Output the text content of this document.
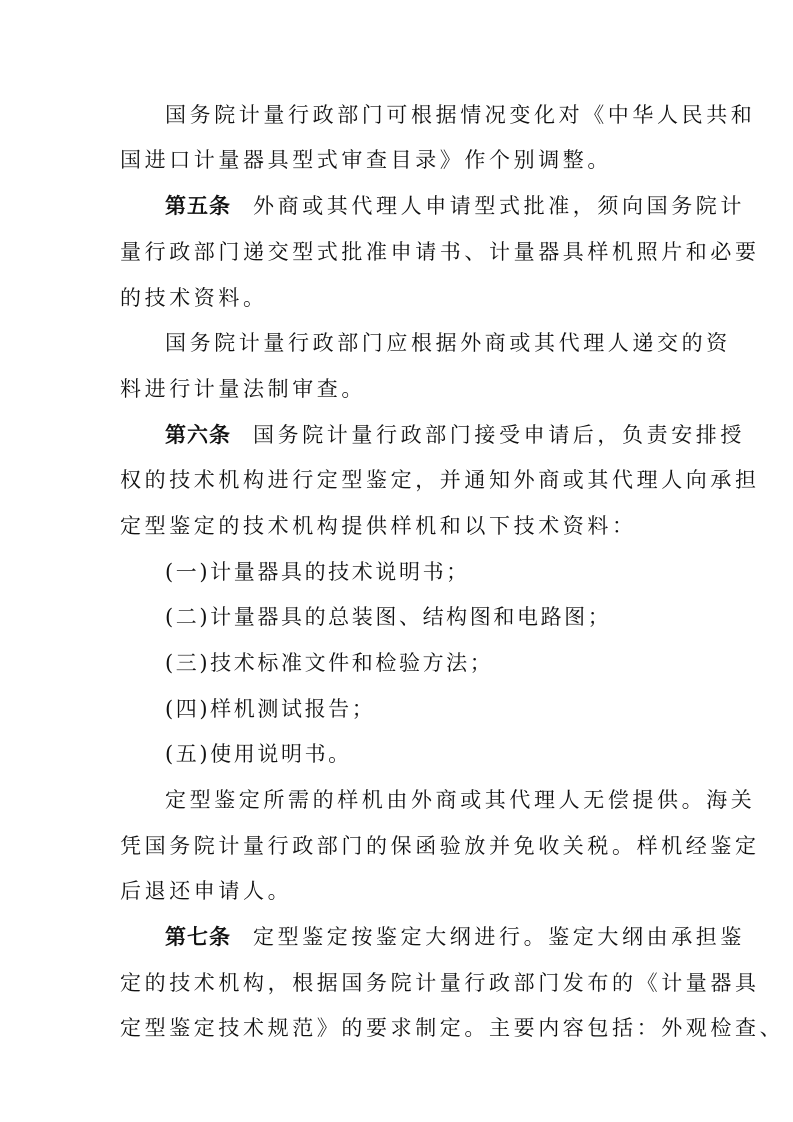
国务院计量行政部门可根据情况变化对《中华人民共和
国进口计量器具型式审查目录》作个别调整。
第五条 外商或其代理人申请型式批准，须向国务院计
量行政部门递交型式批准申请书、计量器具样机照片和必要
的技术资料。
国务院计量行政部门应根据外商或其代理人递交的资
料进行计量法制审查。
第六条 国务院计量行政部门接受申请后，负责安排授
权的技术机构进行定型鉴定，并通知外商或其代理人向承担
定型鉴定的技术机构提供样机和以下技术资料：
(一)计量器具的技术说明书；
(二)计量器具的总装图、结构图和电路图；
(三)技术标准文件和检验方法；
(四)样机测试报告；
(五)使用说明书。
定型鉴定所需的样机由外商或其代理人无偿提供。海关
凭国务院计量行政部门的保函验放并免收关税。样机经鉴定
后退还申请人。
第七条 定型鉴定按鉴定大纲进行。鉴定大纲由承担鉴
定的技术机构，根据国务院计量行政部门发布的《计量器具
定型鉴定技术规范》的要求制定。主要内容包括：外观检查、
